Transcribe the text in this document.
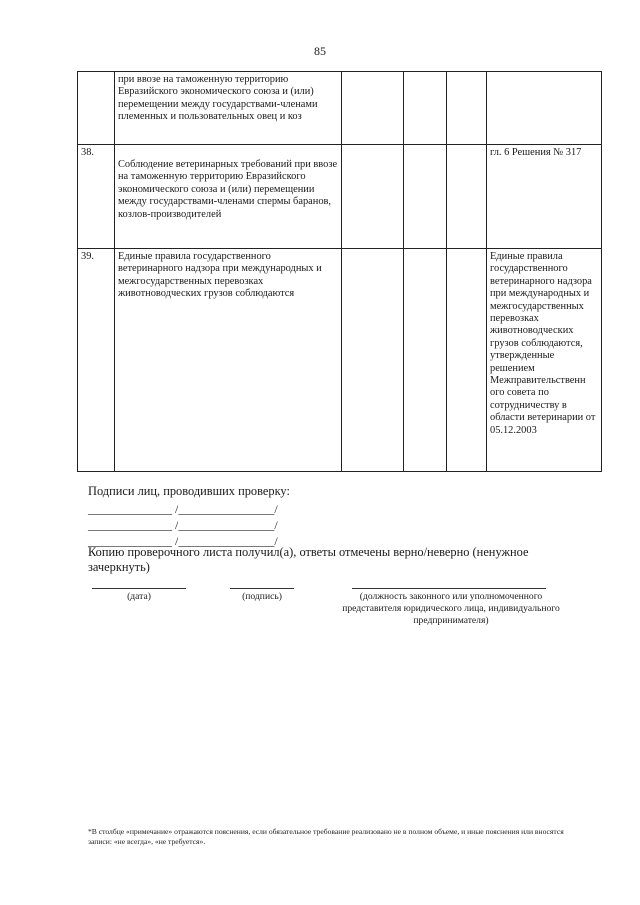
85
	при ввозе на таможенную территорию Евразийского экономического союза и (или) перемещении между государствами-членами племенных и пользовательных овец и коз				
38.	Соблюдение ветеринарных требований при ввозе на таможенную территорию Евразийского экономического союза и (или) перемещении между государствами-членами спермы баранов, козлов-производителей				гл. 6 Решения № 317
39.	Единые правила государственного ветеринарного надзора при международных и межгосударственных перевозках животноводческих грузов соблюдаются				Единые правила государственного ветеринарного надзора при международных и межгосударственных перевозках животноводческих грузов соблюдаются, утвержденные решением Межправительственн ого совета по сотрудничеству в области ветеринарии от 05.12.2003
Подписи лиц, проводивших проверку:
______________ /________________/
______________ /________________/
______________ /________________/
Копию проверочного листа получил(а), ответы отмечены верно/неверно (ненужное зачеркнуть)
(дата)	(подпись)	(должность законного или уполномоченного представителя юридического лица, индивидуального предпринимателя)
*В столбце «примечание» отражаются пояснения, если обязательное требование реализовано не в полном объеме, и иные пояснения или вносятся записи: «не всегда», «не требуется».
